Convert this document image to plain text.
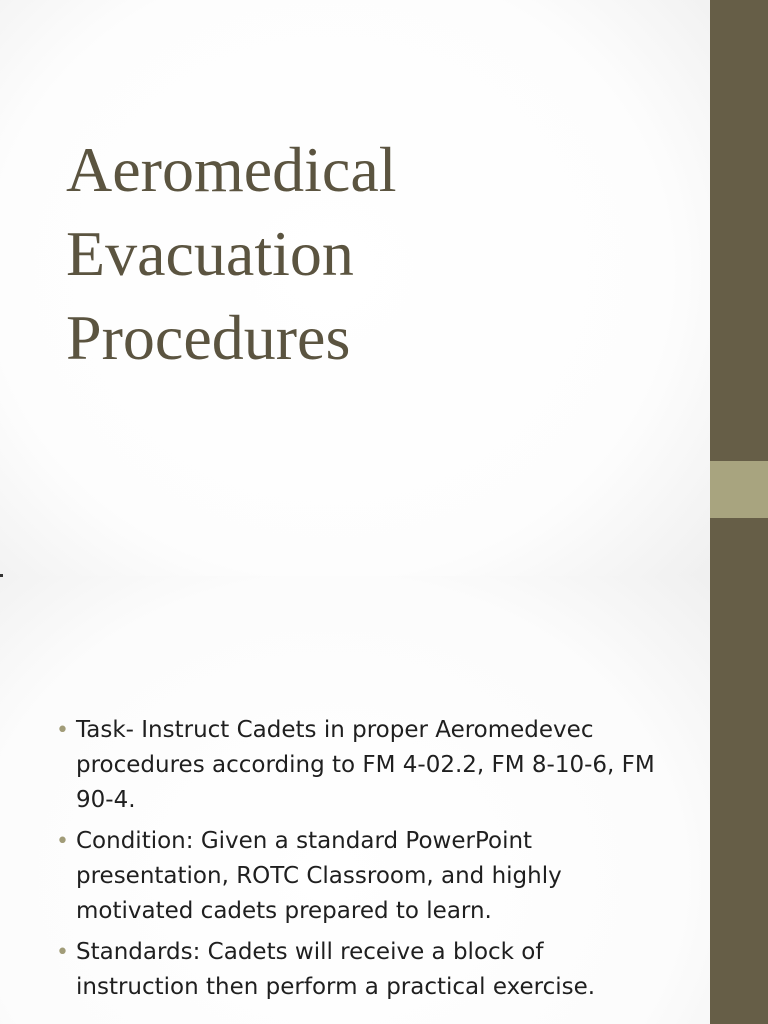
Aeromedical
Evacuation
Procedures
• Task- Instruct Cadets in proper Aeromedevec procedures according to FM 4-02.2, FM 8-10-6, FM 90-4.
• Condition: Given a standard PowerPoint presentation, ROTC Classroom, and highly motivated cadets prepared to learn.
• Standards: Cadets will receive a block of instruction then perform a practical exercise.
